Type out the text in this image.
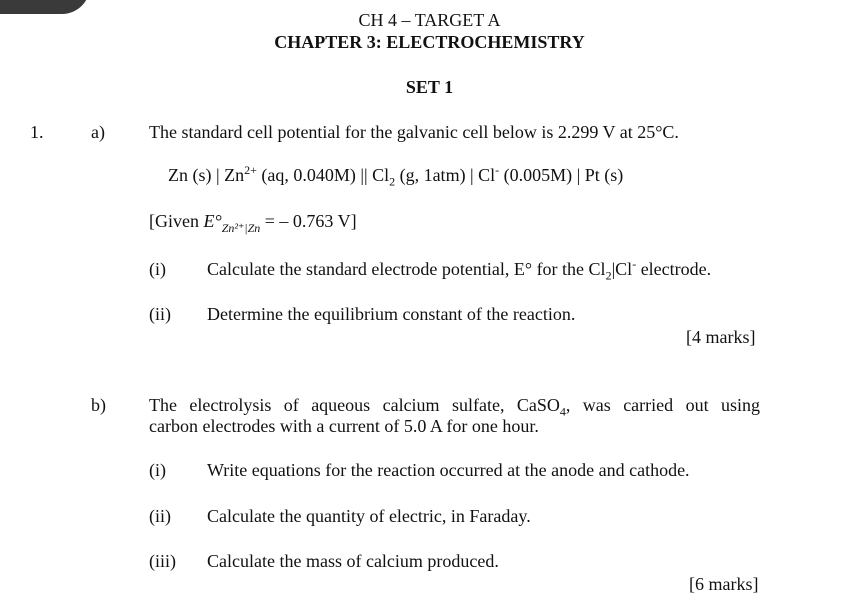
CH 4 – TARGET A
CHAPTER 3: ELECTROCHEMISTRY
SET 1
1.	a) The standard cell potential for the galvanic cell below is 2.299 V at 25°C.
Zn (s) | $Zn^{2+}$ (aq, 0.040M) || $Cl_2$ (g, 1atm) | Cl- (0.005M) | Pt (s)
[Given $E^\circ_{Zn^{2+}|Zn}$ = – 0.763 V]
(i) Calculate the standard electrode potential, E° for the $Cl_2|Cl^-$ electrode.
(ii) Determine the equilibrium constant of the reaction.
[4 marks]
b) The electrolysis of aqueous calcium sulfate, CaSO$_4$, was carried out using
carbon electrodes with a current of 5.0 A for one hour.
(i) Write equations for the reaction occurred at the anode and cathode.
(ii) Calculate the quantity of electric, in Faraday.
(iii) Calculate the mass of calcium produced.
[6 marks]
